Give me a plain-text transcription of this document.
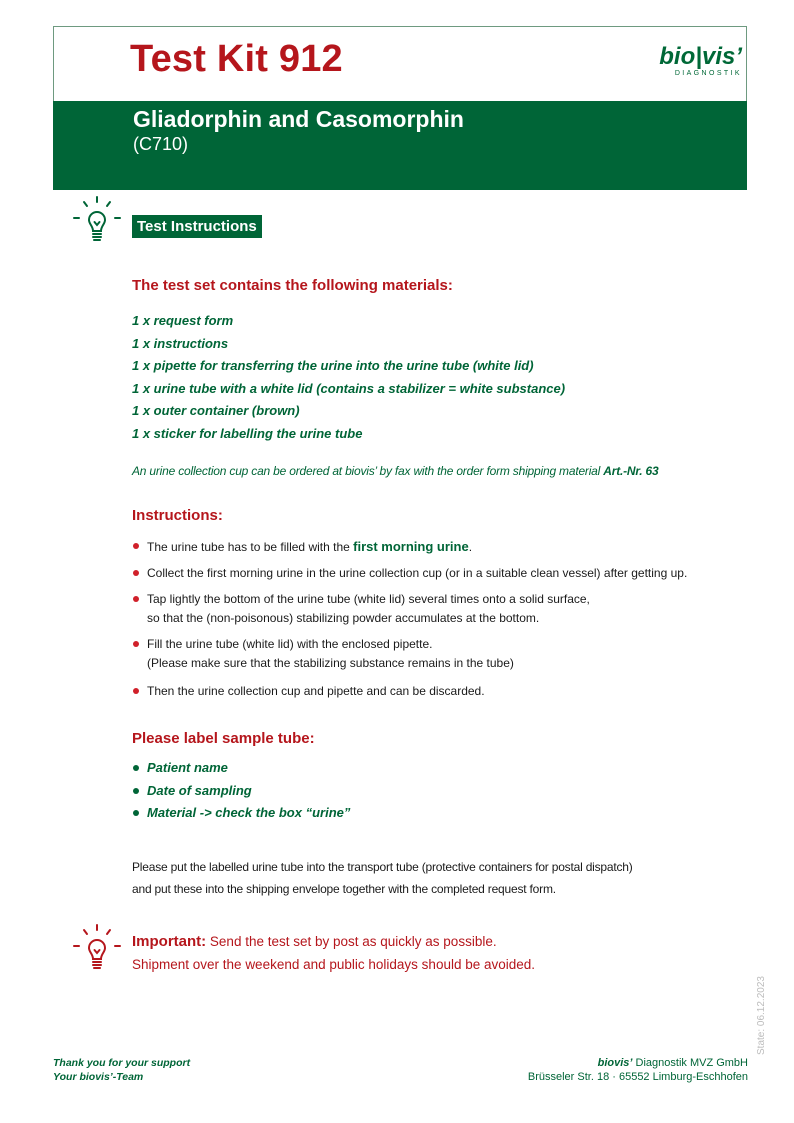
Test Kit 912	bio|vis’
DIAGNOSTIK
Gliadorphin and Casomorphin
(C710)
Test Instructions
The test set contains the following materials:
1 x request form
1 x instructions
1 x pipette for transferring the urine into the urine tube (white lid)
1 x urine tube with a white lid (contains a stabilizer = white substance)
1 x outer container (brown)
1 x sticker for labelling the urine tube
An urine collection cup can be ordered at biovis’ by fax with the order form shipping material Art.-Nr. 63
Instructions:
The urine tube has to be filled with the first morning urine.
Collect the first morning urine in the urine collection cup (or in a suitable clean vessel) after getting up.
Tap lightly the bottom of the urine tube (white lid) several times onto a solid surface,
so that the (non-poisonous) stabilizing powder accumulates at the bottom.
Fill the urine tube (white lid) with the enclosed pipette.
(Please make sure that the stabilizing substance remains in the tube)
Then the urine collection cup and pipette and can be discarded.
Please label sample tube:
Patient name
Date of sampling
Material -> check the box “urine”
Please put the labelled urine tube into the transport tube (protective containers for postal dispatch)
and put these into the shipping envelope together with the completed request form.
Important: Send the test set by post as quickly as possible.
Shipment over the weekend and public holidays should be avoided.
State: 06.12.2023
Thank you for your support
Your biovis’-Team
biovis’ Diagnostik MVZ GmbH
Brüsseler Str. 18 · 65552 Limburg-Eschhofen
